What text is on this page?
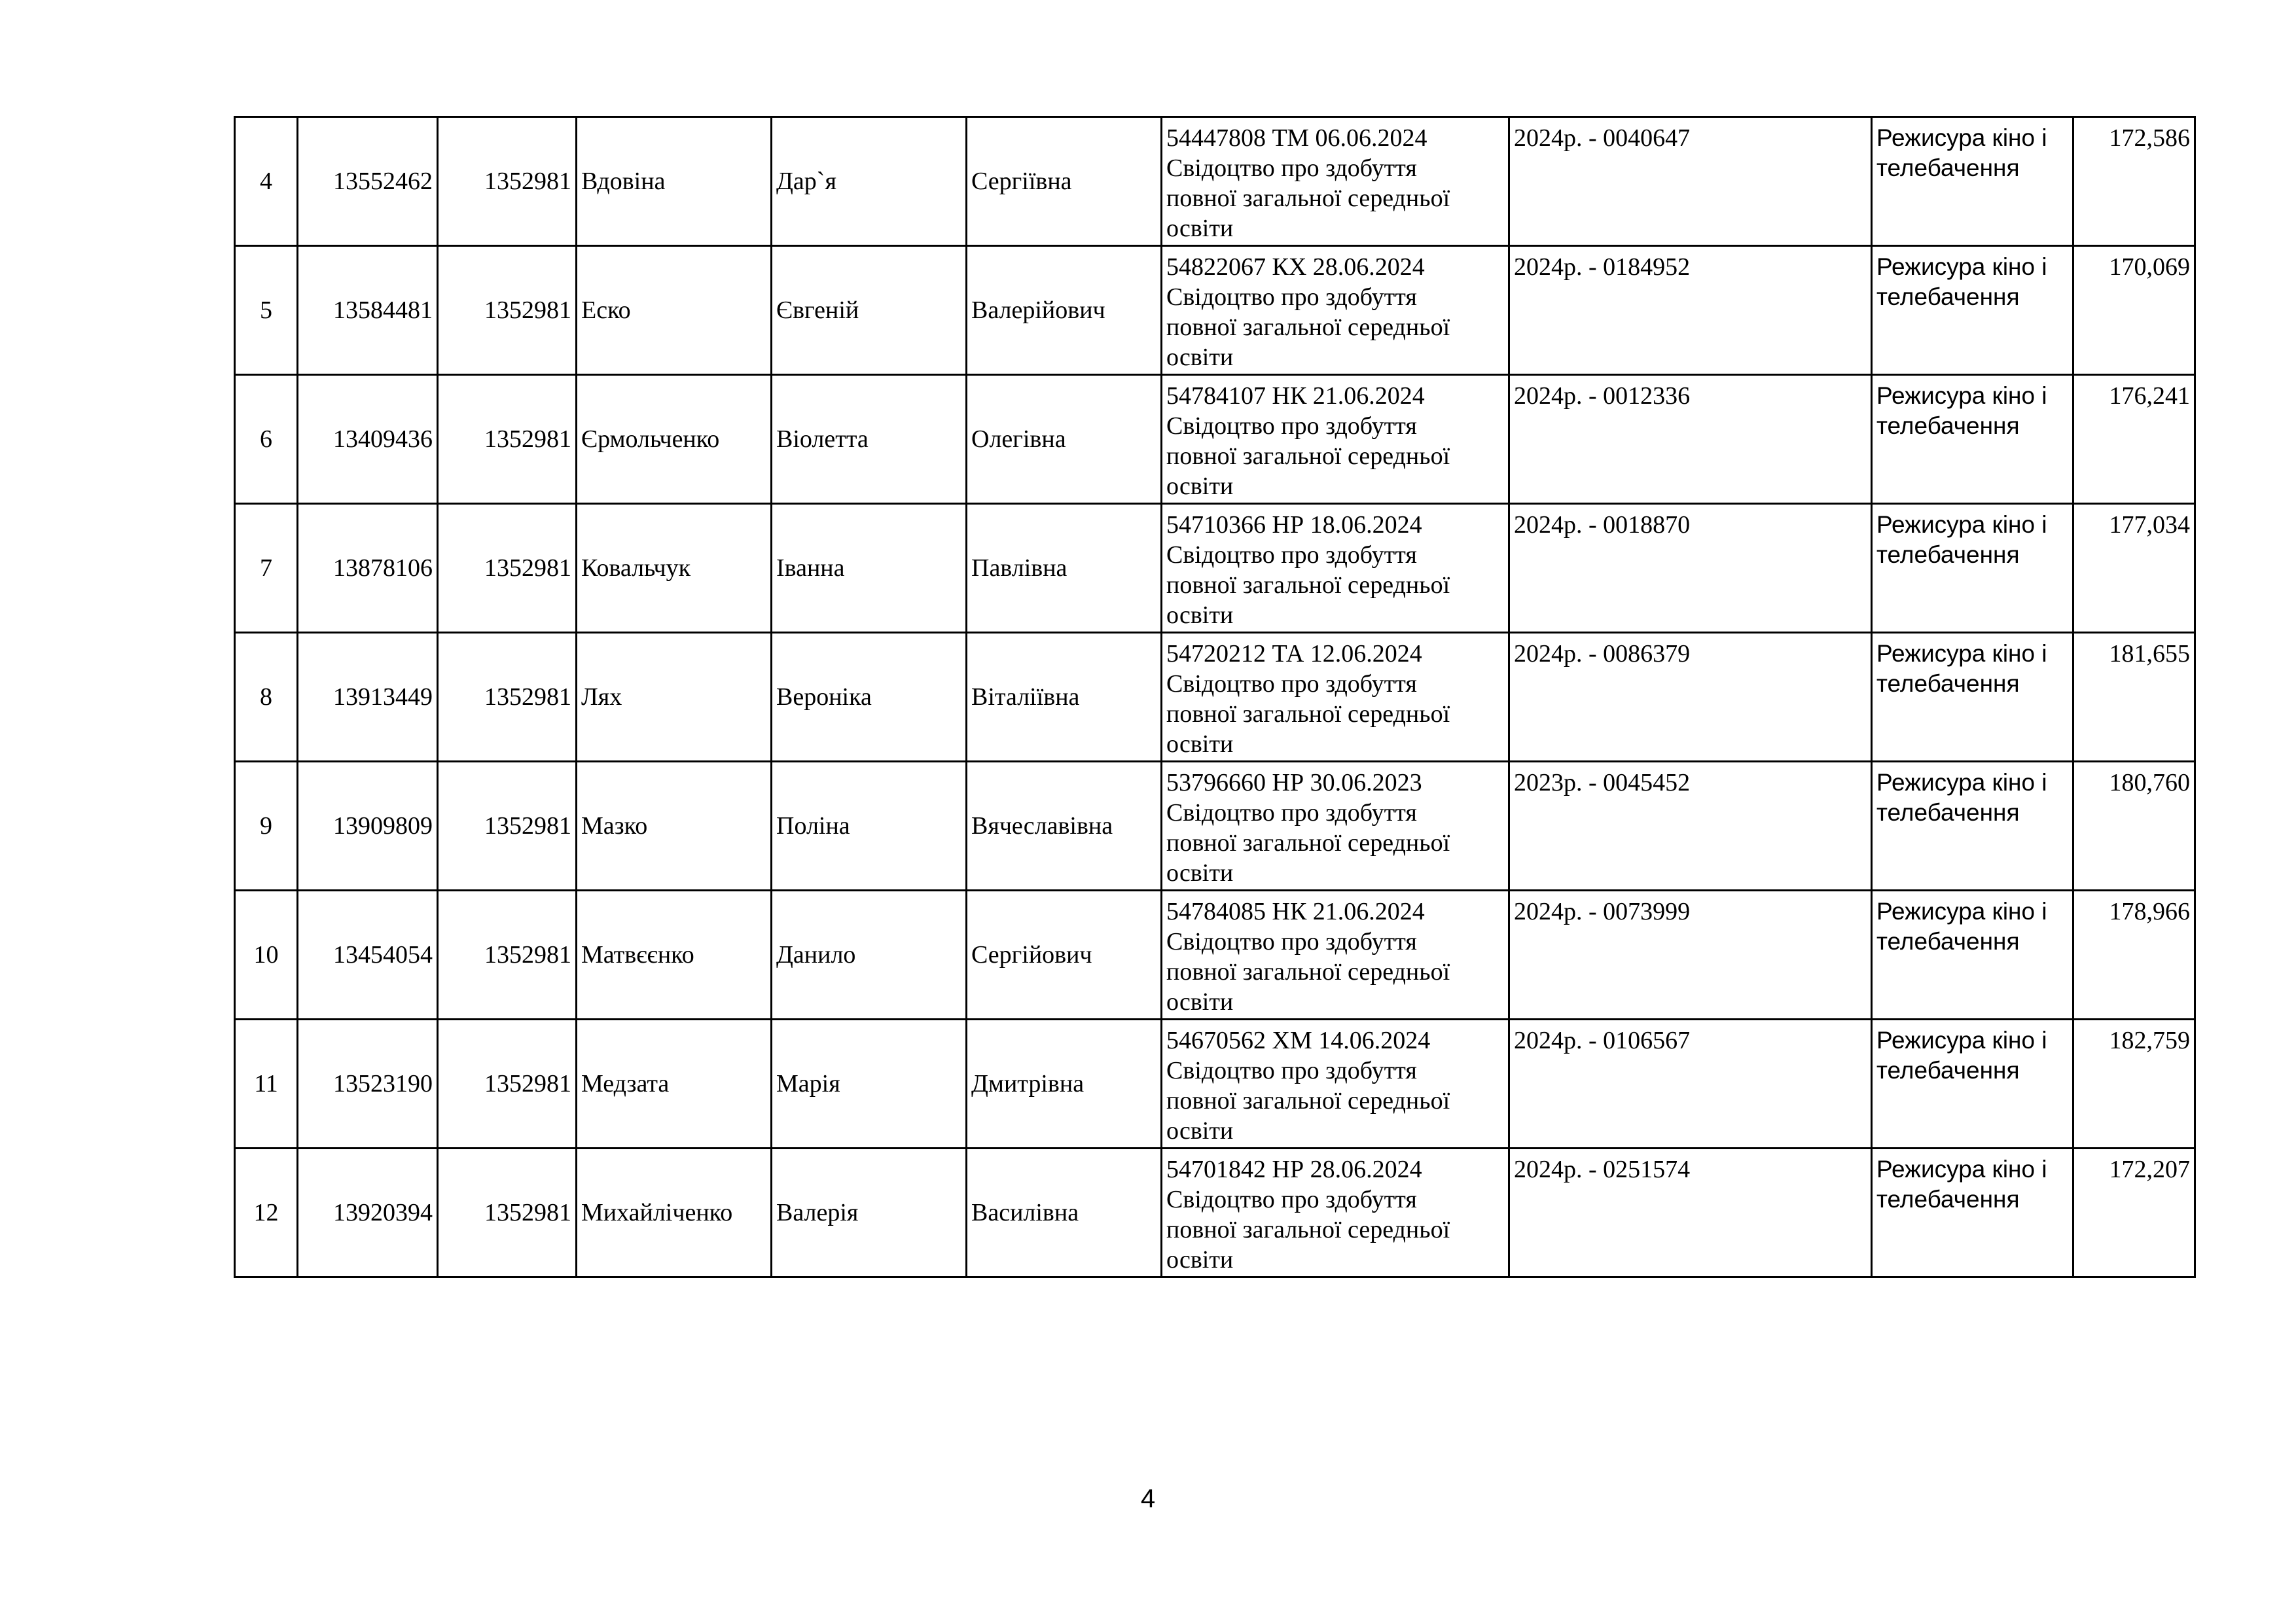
4	13552462	1352981	Вдовіна	Дар`я	Сергіївна	54447808 ТМ 06.06.2024
Свідоцтво про здобуття
повної загальної середньої
освіти	2024р. - 0040647	Режисура кіно і
телебачення	172,586
5	13584481	1352981	Еско	Євгеній	Валерійович	54822067 КХ 28.06.2024
Свідоцтво про здобуття
повної загальної середньої
освіти	2024р. - 0184952	Режисура кіно і
телебачення	170,069
6	13409436	1352981	Єрмольченко	Віолетта	Олегівна	54784107 НК 21.06.2024
Свідоцтво про здобуття
повної загальної середньої
освіти	2024р. - 0012336	Режисура кіно і
телебачення	176,241
7	13878106	1352981	Ковальчук	Іванна	Павлівна	54710366 НР 18.06.2024
Свідоцтво про здобуття
повної загальної середньої
освіти	2024р. - 0018870	Режисура кіно і
телебачення	177,034
8	13913449	1352981	Лях	Вероніка	Віталіївна	54720212 ТА 12.06.2024
Свідоцтво про здобуття
повної загальної середньої
освіти	2024р. - 0086379	Режисура кіно і
телебачення	181,655
9	13909809	1352981	Мазко	Поліна	Вячеславівна	53796660 НР 30.06.2023
Свідоцтво про здобуття
повної загальної середньої
освіти	2023р. - 0045452	Режисура кіно і
телебачення	180,760
10	13454054	1352981	Матвєєнко	Данило	Сергійович	54784085 НК 21.06.2024
Свідоцтво про здобуття
повної загальної середньої
освіти	2024р. - 0073999	Режисура кіно і
телебачення	178,966
11	13523190	1352981	Медзата	Марія	Дмитрівна	54670562 ХМ 14.06.2024
Свідоцтво про здобуття
повної загальної середньої
освіти	2024р. - 0106567	Режисура кіно і
телебачення	182,759
12	13920394	1352981	Михайліченко	Валерія	Василівна	54701842 НР 28.06.2024
Свідоцтво про здобуття
повної загальної середньої
освіти	2024р. - 0251574	Режисура кіно і
телебачення	172,207
4
